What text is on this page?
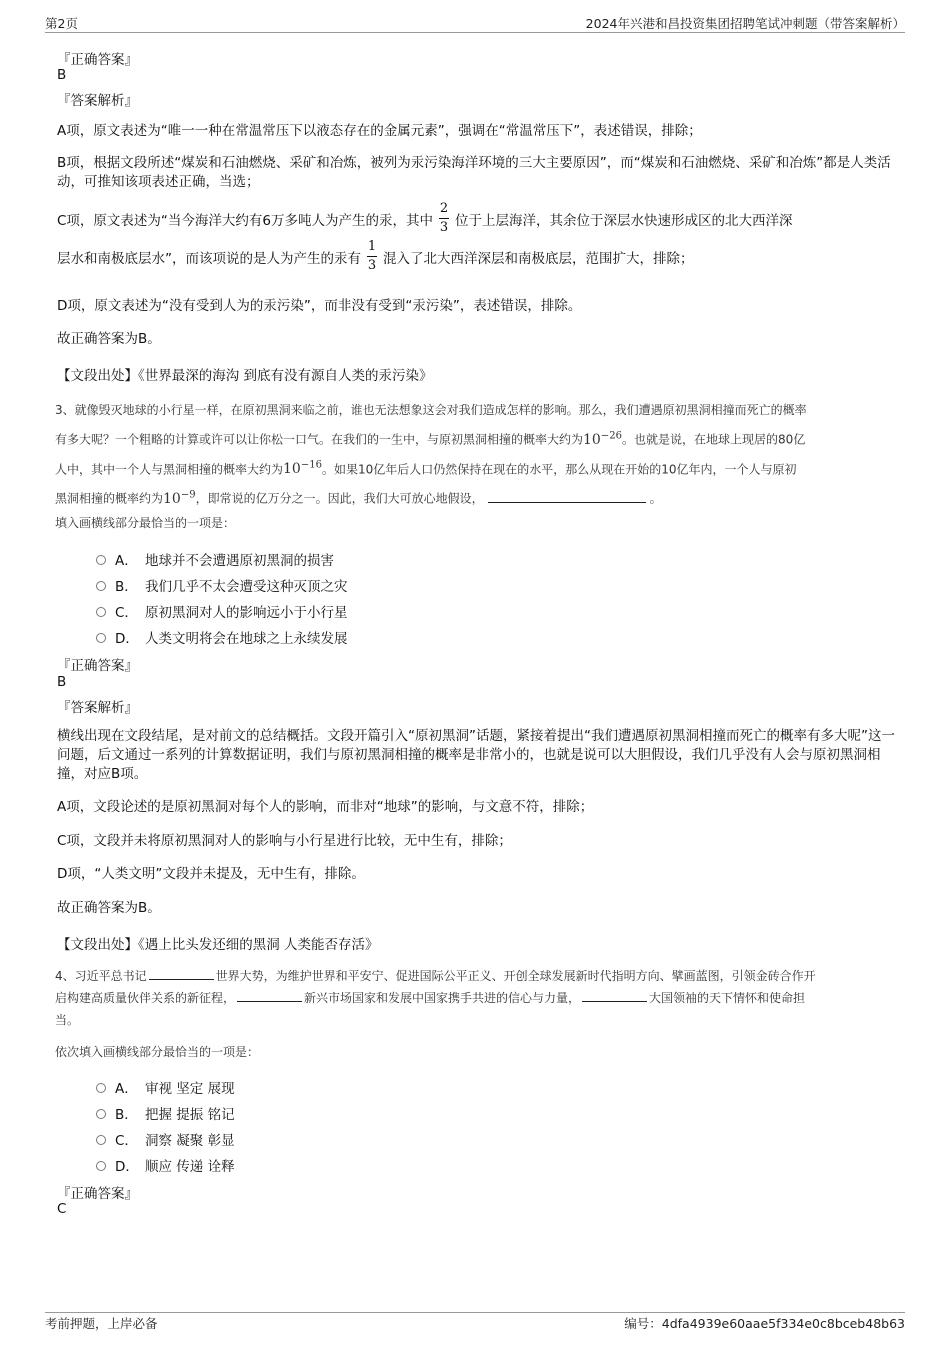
第2页	2024年兴港和昌投资集团招聘笔试冲刺题（带答案解析）
『正确答案』
B
『答案解析』
A项，原文表述为“唯一一种在常温常压下以液态存在的金属元素”，强调在“常温常压下”，表述错误，排除；
B项，根据文段所述“煤炭和石油燃烧、采矿和冶炼，被列为汞污染海洋环境的三大主要原因”，而“煤炭和石油燃烧、采矿和冶炼”都是人类活动，可推知该项表述正确，当选；
C项，原文表述为“当今海洋大约有6万多吨人为产生的汞，其中 $\frac{2}{3}$ 位于上层海洋，其余位于深层水快速形成区的北大西洋深
层水和南极底层水”，而该项说的是人为产生的汞有 $\frac{1}{3}$ 混入了北大西洋深层和南极底层，范围扩大，排除；
D项，原文表述为“没有受到人为的汞污染”，而非没有受到“汞污染”，表述错误，排除。
故正确答案为B。
【文段出处】《世界最深的海沟 到底有没有源自人类的汞污染》
3、就像毁灭地球的小行星一样，在原初黑洞来临之前，谁也无法想象这会对我们造成怎样的影响。那么，我们遭遇原初黑洞相撞而死亡的概率
有多大呢？一个粗略的计算或许可以让你松一口气。在我们的一生中，与原初黑洞相撞的概率大约为$10^{-26}$。也就是说，在地球上现居的80亿
人中，其中一个人与黑洞相撞的概率大约为$10^{-16}$。如果10亿年后人口仍然保持在现在的水平，那么从现在开始的10亿年内，一个人与原初
黑洞相撞的概率约为$10^{-9}$，即常说的亿万分之一。因此，我们大可放心地假设，	。
填入画横线部分最恰当的一项是：
A． 地球并不会遭遇原初黑洞的损害
B． 我们几乎不太会遭受这种灭顶之灾
C． 原初黑洞对人的影响远小于小行星
D． 人类文明将会在地球之上永续发展
『正确答案』
B
『答案解析』
横线出现在文段结尾，是对前文的总结概括。文段开篇引入“原初黑洞”话题，紧接着提出“我们遭遇原初黑洞相撞而死亡的概率有多大呢”这一问题，后文通过一系列的计算数据证明，我们与原初黑洞相撞的概率是非常小的，也就是说可以大胆假设，我们几乎没有人会与原初黑洞相撞，对应B项。
A项，文段论述的是原初黑洞对每个人的影响，而非对“地球”的影响，与文意不符，排除；
C项，文段并未将原初黑洞对人的影响与小行星进行比较，无中生有，排除；
D项，“人类文明”文段并未提及，无中生有，排除。
故正确答案为B。
【文段出处】《遇上比头发还细的黑洞 人类能否存活》
4、习近平总书记	世界大势，为维护世界和平安宁、促进国际公平正义、开创全球发展新时代指明方向、擘画蓝图，引领金砖合作开
启构建高质量伙伴关系的新征程，	新兴市场国家和发展中国家携手共进的信心与力量，	大国领袖的天下情怀和使命担
当。
依次填入画横线部分最恰当的一项是：
A． 审视 坚定 展现
B． 把握 提振 铭记
C． 洞察 凝聚 彰显
D． 顺应 传递 诠释
『正确答案』
C
考前押题，上岸必备	编号：4dfa4939e60aae5f334e0c8bceb48b63
